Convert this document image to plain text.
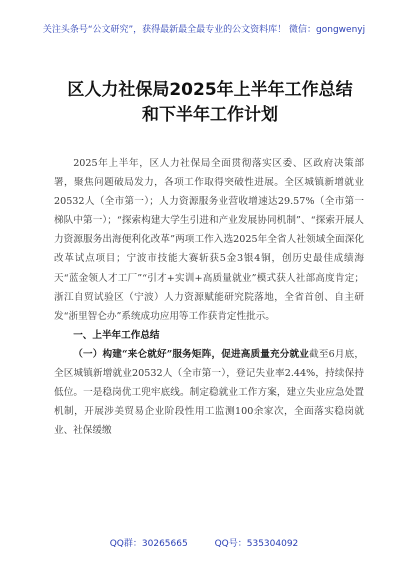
关注头条号“公文研究”，获得最新最全最专业的公文资料库！ 微信：gongwenyj
区人力社保局2025年上半年工作总结
和下半年工作计划

2025年上半年，区人力社保局全面贯彻落实区委、区政府决策部署，聚焦问题破局发力，各项工作取得突破性进展。全区城镇新增就业20532人（全市第一）；人力资源服务业营收增速达29.57%（全市第一梯队中第一）；“探索构建大学生引进和产业发展协同机制”、“探索开展人力资源服务出海便利化改革”两项工作入选2025年全省人社领域全面深化改革试点项目；宁波市技能大赛斩获5金3银4铜，创历史最佳成绩海天“蓝金领人才工厂”“引才+实训+高质量就业”模式获人社部高度肯定；浙江自贸试验区（宁波）人力资源赋能研究院落地，全省首创、自主研发“浙里智仑办”系统成功应用等工作获肯定性批示。

一、上半年工作总结

（一）构建“来仑就好”服务矩阵，促进高质量充分就业截至6月底，全区城镇新增就业20532人（全市第一），登记失业率2.44%，持续保持低位。一是稳岗优工兜牢底线。制定稳就业工作方案，建立失业应急处置机制，开展涉美贸易企业阶段性用工监测100余家次，全面落实稳岗就业、社保缓缴

QQ群：30265665	QQ号：535304092
